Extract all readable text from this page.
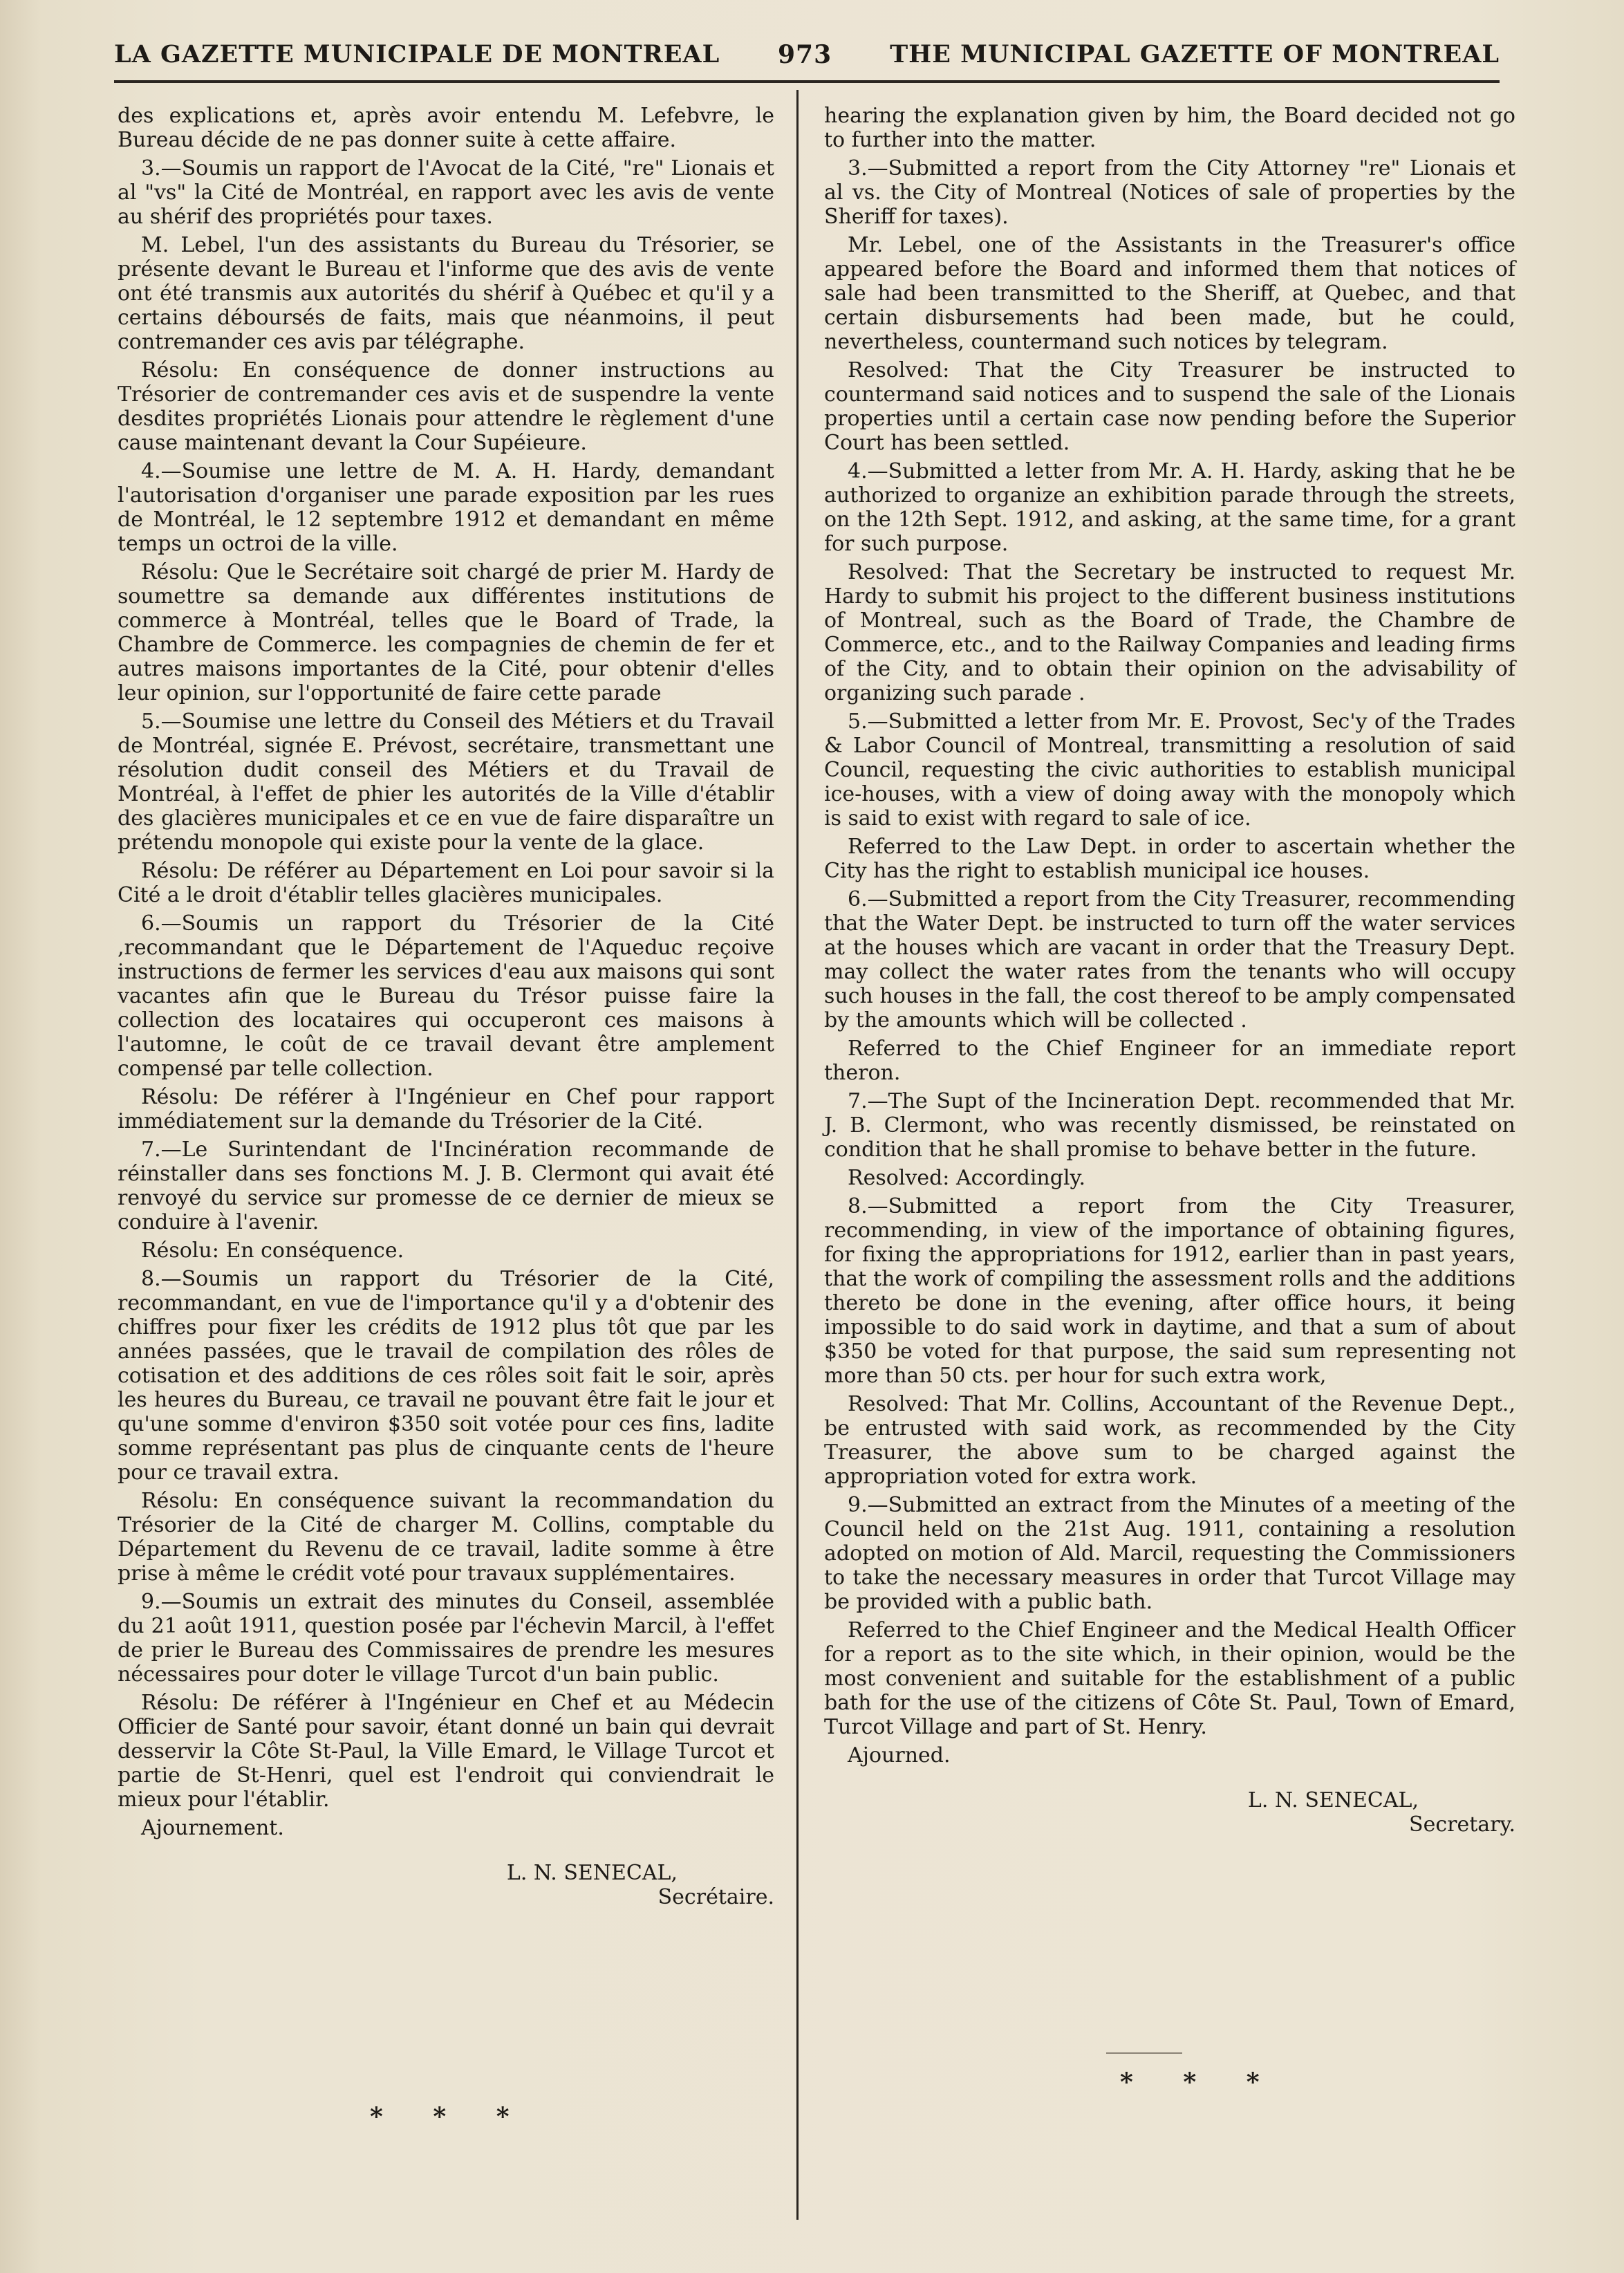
LA GAZETTE MUNICIPALE DE MONTREAL 973 THE MUNICIPAL GAZETTE OF MONTREAL

des explications et, après avoir entendu M. Lefebvre, le Bureau décide de ne pas donner suite à cette affaire.

3.—Soumis un rapport de l'Avocat de la Cité, "re" Lionais et al "vs" la Cité de Montréal, en rapport avec les avis de vente au shérif des propriétés pour taxes.

M. Lebel, l'un des assistants du Bureau du Trésorier, se présente devant le Bureau et l'informe que des avis de vente ont été transmis aux autorités du shérif à Québec et qu'il y a certains déboursés de faits, mais que néanmoins, il peut contremander ces avis par télégraphe.

Résolu: En conséquence de donner instructions au Trésorier de contremander ces avis et de suspendre la vente desdites propriétés Lionais pour attendre le règlement d'une cause maintenant devant la Cour Supéieure.

4.—Soumise une lettre de M. A. H. Hardy, demandant l'autorisation d'organiser une parade exposition par les rues de Montréal, le 12 septembre 1912 et demandant en même temps un octroi de la ville.

Résolu: Que le Secrétaire soit chargé de prier M. Hardy de soumettre sa demande aux différentes institutions de commerce à Montréal, telles que le Board of Trade, la Chambre de Commerce. les compagnies de chemin de fer et autres maisons importantes de la Cité, pour obtenir d'elles leur opinion, sur l'opportunité de faire cette parade

5.—Soumise une lettre du Conseil des Métiers et du Travail de Montréal, signée E. Prévost, secrétaire, transmettant une résolution dudit conseil des Métiers et du Travail de Montréal, à l'effet de phier les autorités de la Ville d'établir des glacières municipales et ce en vue de faire disparaître un prétendu monopole qui existe pour la vente de la glace.

Résolu: De référer au Département en Loi pour savoir si la Cité a le droit d'établir telles glacières municipales.

6.—Soumis un rapport du Trésorier de la Cité ,recommandant que le Département de l'Aqueduc reçoive instructions de fermer les services d'eau aux maisons qui sont vacantes afin que le Bureau du Trésor puisse faire la collection des locataires qui occuperont ces maisons à l'automne, le coût de ce travail devant être amplement compensé par telle collection.

Résolu: De référer à l'Ingénieur en Chef pour rapport immédiatement sur la demande du Trésorier de la Cité.

7.—Le Surintendant de l'Incinération recommande de réinstaller dans ses fonctions M. J. B. Clermont qui avait été renvoyé du service sur promesse de ce dernier de mieux se conduire à l'avenir.

Résolu: En conséquence.

8.—Soumis un rapport du Trésorier de la Cité, recommandant, en vue de l'importance qu'il y a d'obtenir des chiffres pour fixer les crédits de 1912 plus tôt que par les années passées, que le travail de compilation des rôles de cotisation et des additions de ces rôles soit fait le soir, après les heures du Bureau, ce travail ne pouvant être fait le jour et qu'une somme d'environ $350 soit votée pour ces fins, ladite somme représentant pas plus de cinquante cents de l'heure pour ce travail extra.

Résolu: En conséquence suivant la recommandation du Trésorier de la Cité de charger M. Collins, comptable du Département du Revenu de ce travail, ladite somme à être prise à même le crédit voté pour travaux supplémentaires.

9.—Soumis un extrait des minutes du Conseil, assemblée du 21 août 1911, question posée par l'échevin Marcil, à l'effet de prier le Bureau des Commissaires de prendre les mesures nécessaires pour doter le village Turcot d'un bain public.

Résolu: De référer à l'Ingénieur en Chef et au Médecin Officier de Santé pour savoir, étant donné un bain qui devrait desservir la Côte St-Paul, la Ville Emard, le Village Turcot et partie de St-Henri, quel est l'endroit qui conviendrait le mieux pour l'établir.

Ajournement.

L. N. SENECAL,
Secrétaire.

hearing the explanation given by him, the Board decided not go to further into the matter.

3.—Submitted a report from the City Attorney "re" Lionais et al vs. the City of Montreal (Notices of sale of properties by the Sheriff for taxes).

Mr. Lebel, one of the Assistants in the Treasurer's office appeared before the Board and informed them that notices of sale had been transmitted to the Sheriff, at Quebec, and that certain disbursements had been made, but he could, nevertheless, countermand such notices by telegram.

Resolved: That the City Treasurer be instructed to countermand said notices and to suspend the sale of the Lionais properties until a certain case now pending before the Superior Court has been settled.

4.—Submitted a letter from Mr. A. H. Hardy, asking that he be authorized to organize an exhibition parade through the streets, on the 12th Sept. 1912, and asking, at the same time, for a grant for such purpose.

Resolved: That the Secretary be instructed to request Mr. Hardy to submit his project to the different business institutions of Montreal, such as the Board of Trade, the Chambre de Commerce, etc., and to the Railway Companies and leading firms of the City, and to obtain their opinion on the advisability of organizing such parade .

5.—Submitted a letter from Mr. E. Provost, Sec'y of the Trades & Labor Council of Montreal, transmitting a resolution of said Council, requesting the civic authorities to establish municipal ice-houses, with a view of doing away with the monopoly which is said to exist with regard to sale of ice.

Referred to the Law Dept. in order to ascertain whether the City has the right to establish municipal ice houses.

6.—Submitted a report from the City Treasurer, recommending that the Water Dept. be instructed to turn off the water services at the houses which are vacant in order that the Treasury Dept. may collect the water rates from the tenants who will occupy such houses in the fall, the cost thereof to be amply compensated by the amounts which will be collected .

Referred to the Chief Engineer for an immediate report theron.

7.—The Supt of the Incineration Dept. recommended that Mr. J. B. Clermont, who was recently dismissed, be reinstated on condition that he shall promise to behave better in the future.

Resolved: Accordingly.

8.—Submitted a report from the City Treasurer, recommending, in view of the importance of obtaining figures, for fixing the appropriations for 1912, earlier than in past years, that the work of compiling the assessment rolls and the additions thereto be done in the evening, after office hours, it being impossible to do said work in daytime, and that a sum of about $350 be voted for that purpose, the said sum representing not more than 50 cts. per hour for such extra work,

Resolved: That Mr. Collins, Accountant of the Revenue Dept., be entrusted with said work, as recommended by the City Treasurer, the above sum to be charged against the appropriation voted for extra work.

9.—Submitted an extract from the Minutes of a meeting of the Council held on the 21st Aug. 1911, containing a resolution adopted on motion of Ald. Marcil, requesting the Commissioners to take the necessary measures in order that Turcot Village may be provided with a public bath.

Referred to the Chief Engineer and the Medical Health Officer for a report as to the site which, in their opinion, would be the most convenient and suitable for the establishment of a public bath for the use of the citizens of Côte St. Paul, Town of Emard, Turcot Village and part of St. Henry.

Ajourned.

L. N. SENECAL,
Secretary.
* * *
* * *
